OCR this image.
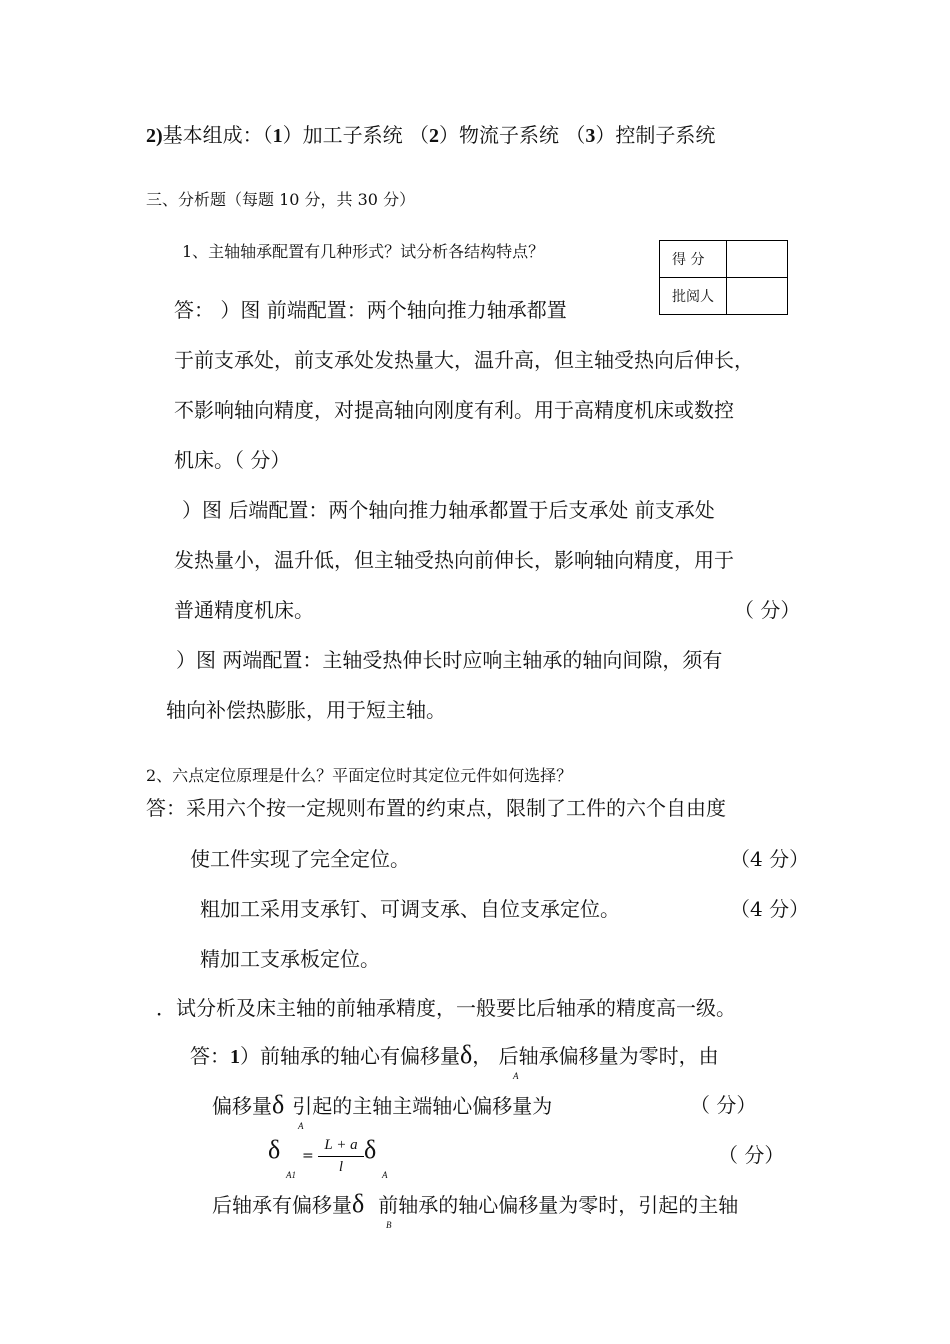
2)基本组成：（1）加工子系统 （2）物流子系统 （3）控制子系统
三、分析题（每题 10 分，共 30 分）
1、主轴轴承配置有几种形式？试分析各结构特点？	得 分	
批阅人	
答： ）图 前端配置：两个轴向推力轴承都置
于前支承处，前支承处发热量大，温升高，但主轴受热向后伸长，
不影响轴向精度，对提高轴向刚度有利。用于高精度机床或数控
机床。（ 分）
）图 后端配置：两个轴向推力轴承都置于后支承处 前支承处
发热量小，温升低，但主轴受热向前伸长，影响轴向精度，用于
普通精度机床。	（ 分）
）图 两端配置：主轴受热伸长时应响主轴承的轴向间隙，须有
轴向补偿热膨胀，用于短主轴。
2、六点定位原理是什么？平面定位时其定位元件如何选择？
答：采用六个按一定规则布置的约束点，限制了工件的六个自由度
使工件实现了完全定位。	（4 分）
粗加工采用支承钉、可调支承、自位支承定位。	（4 分）
精加工支承板定位。
．试分析及床主轴的前轴承精度，一般要比后轴承的精度高一级。
答：1）前轴承的轴心有偏移量δ， 后轴承偏移量为零时，由
A
偏移量δ 引起的主轴主端轴心偏移量为
A
（ 分）
δ
A1
=
L + a
l
δ
A
（ 分）
后轴承有偏移量δ 前轴承的轴心偏移量为零时，引起的主轴
B
